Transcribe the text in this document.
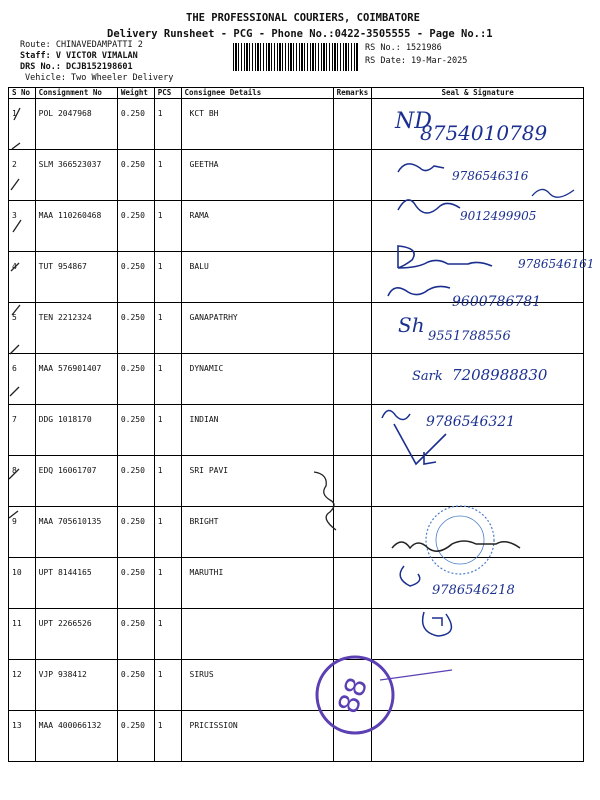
THE PROFESSIONAL COURIERS, COIMBATORE
Delivery Runsheet - PCG - Phone No.:0422-3505555 - Page No.:1
Route: CHINAVEDAMPATTI 2
Staff: V VICTOR VIMALAN
DRS No.: DCJB152198601
Vehicle: Two Wheeler Delivery
RS No.: 1521986
RS Date: 19-Mar-2025
S No	Consignment No	Weight	PCS	Consignee Details	Remarks	Seal & Signature
1	POL 2047968	0.250	1	KCT BH		
2	SLM 366523037	0.250	1	GEETHA		
3	MAA 110260468	0.250	1	RAMA		
4	TUT 954867	0.250	1	BALU		
5	TEN 2212324	0.250	1	GANAPATRHY		
6	MAA 576901407	0.250	1	DYNAMIC		
7	DDG 1018170	0.250	1	INDIAN		
8	EDQ 16061707	0.250	1	SRI PAVI		
9	MAA 705610135	0.250	1	BRIGHT		
10	UPT 8144165	0.250	1	MARUTHI		
11	UPT 2266526	0.250	1			
12	VJP 938412	0.250	1	SIRUS		
13	MAA 400066132	0.250	1	PRICISSION		
ND
8754010789
9786546316
9012499905
9786546161
9600786781
Sh 9551788556
Sark 7208988830
9786546321
9786546218
88
